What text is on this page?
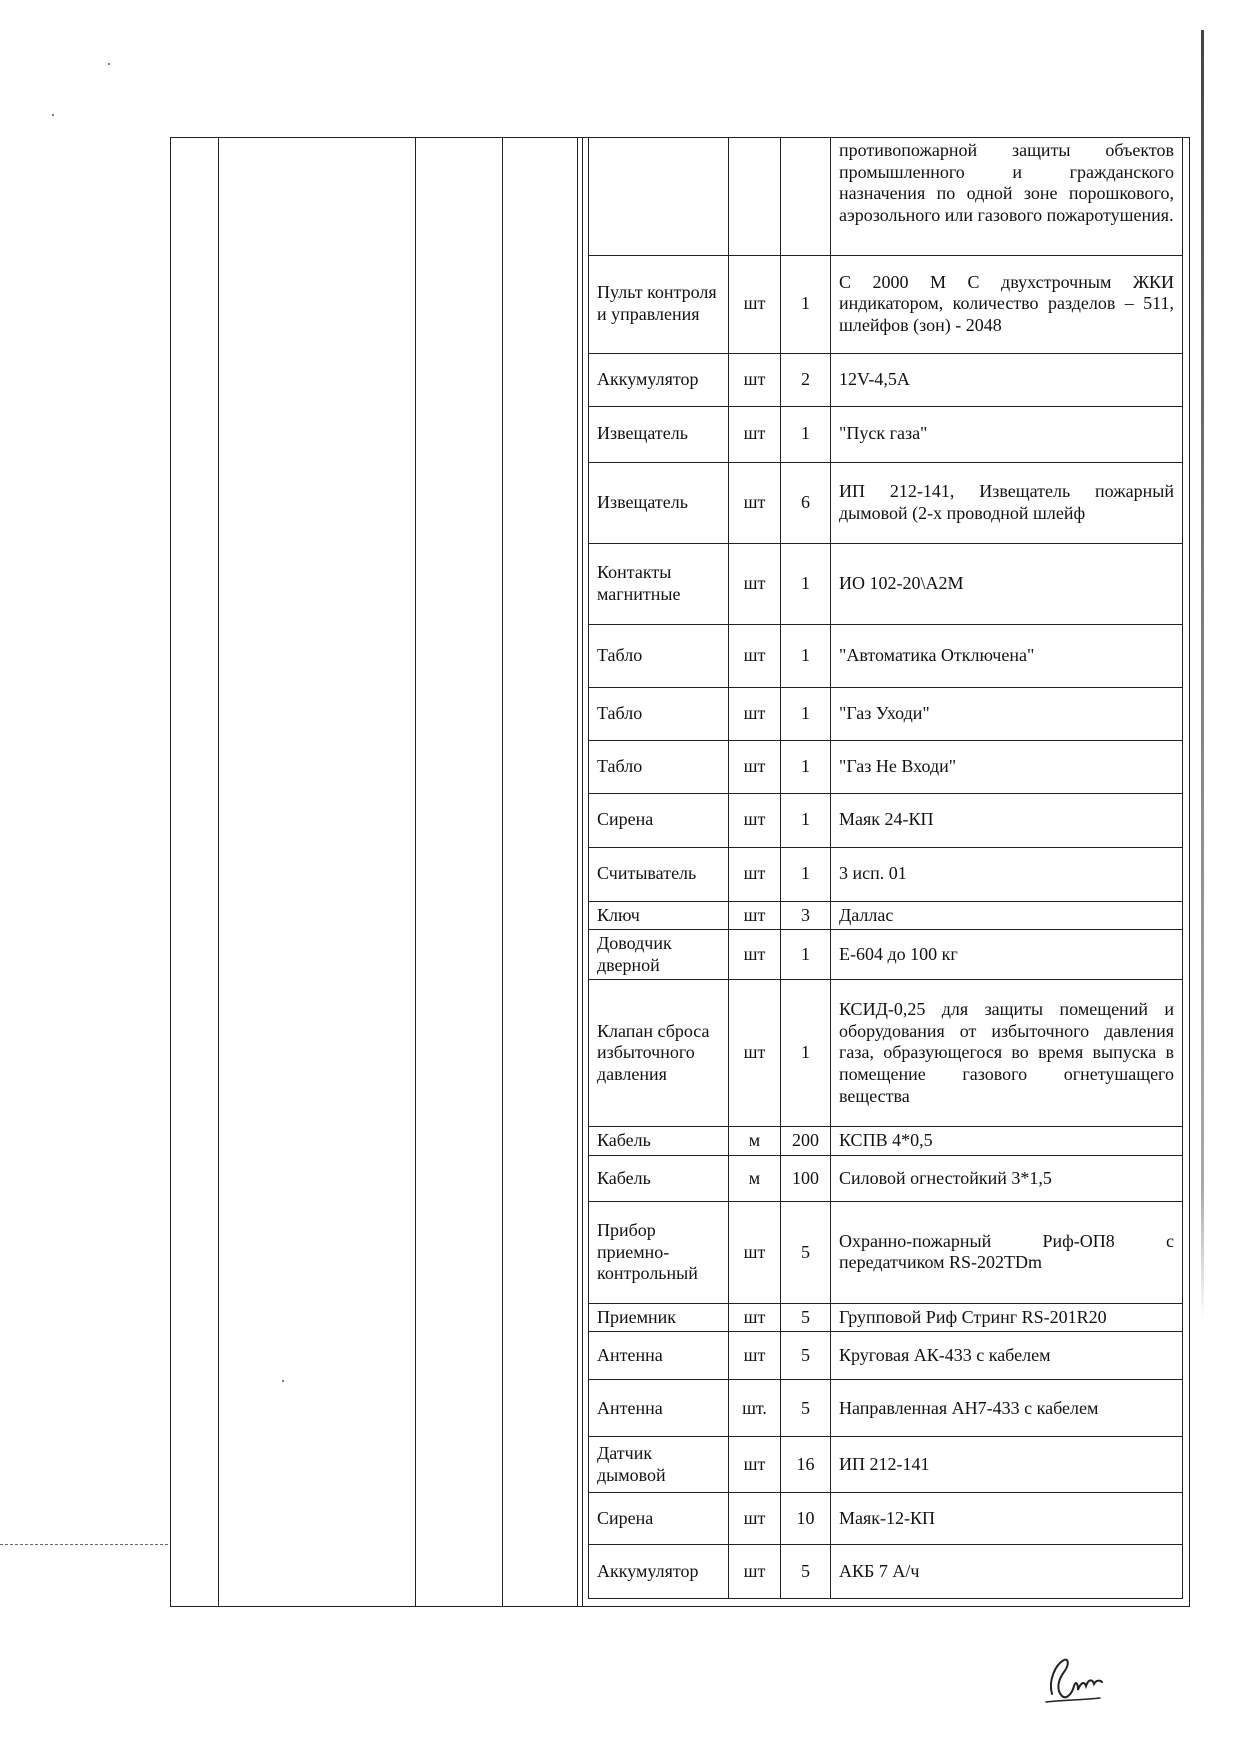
			противопожарной защиты объектов промышленного и гражданского назначения по одной зоне порошкового, аэрозольного или газового пожаротушения.
Пульт контроля и управления	шт	1	С 2000 М С двухстрочным ЖКИ индикатором, количество разделов – 511, шлейфов (зон) - 2048
Аккумулятор	шт	2	12V-4,5А
Извещатель	шт	1	"Пуск газа"
Извещатель	шт	6	ИП 212-141, Извещатель пожарный дымовой (2-х проводной шлейф
Контакты магнитные	шт	1	ИО 102-20\А2М
Табло	шт	1	"Автоматика Отключена"
Табло	шт	1	"Газ Уходи"
Табло	шт	1	"Газ Не Входи"
Сирена	шт	1	Маяк 24-КП
Считыватель	шт	1	3 исп. 01
Ключ	шт	3	Даллас
Доводчик дверной	шт	1	Е-604 до 100 кг
Клапан сброса избыточного давления	шт	1	КСИД-0,25 для защиты помещений и оборудования от избыточного давления газа, образующегося во время выпуска в помещение газового огнетушащего вещества
Кабель	м	200	КСПВ 4*0,5
Кабель	м	100	Силовой огнестойкий 3*1,5
Прибор приемно-контрольный	шт	5	Охранно-пожарный Риф-ОП8 с передатчиком RS-202TDm
Приемник	шт	5	Групповой Риф Стринг RS-201R20
Антенна	шт	5	Круговая АК-433 с кабелем
Антенна	шт.	5	Направленная АН7-433 с кабелем
Датчик дымовой	шт	16	ИП 212-141
Сирена	шт	10	Маяк-12-КП
Аккумулятор	шт	5	АКБ 7 А/ч
